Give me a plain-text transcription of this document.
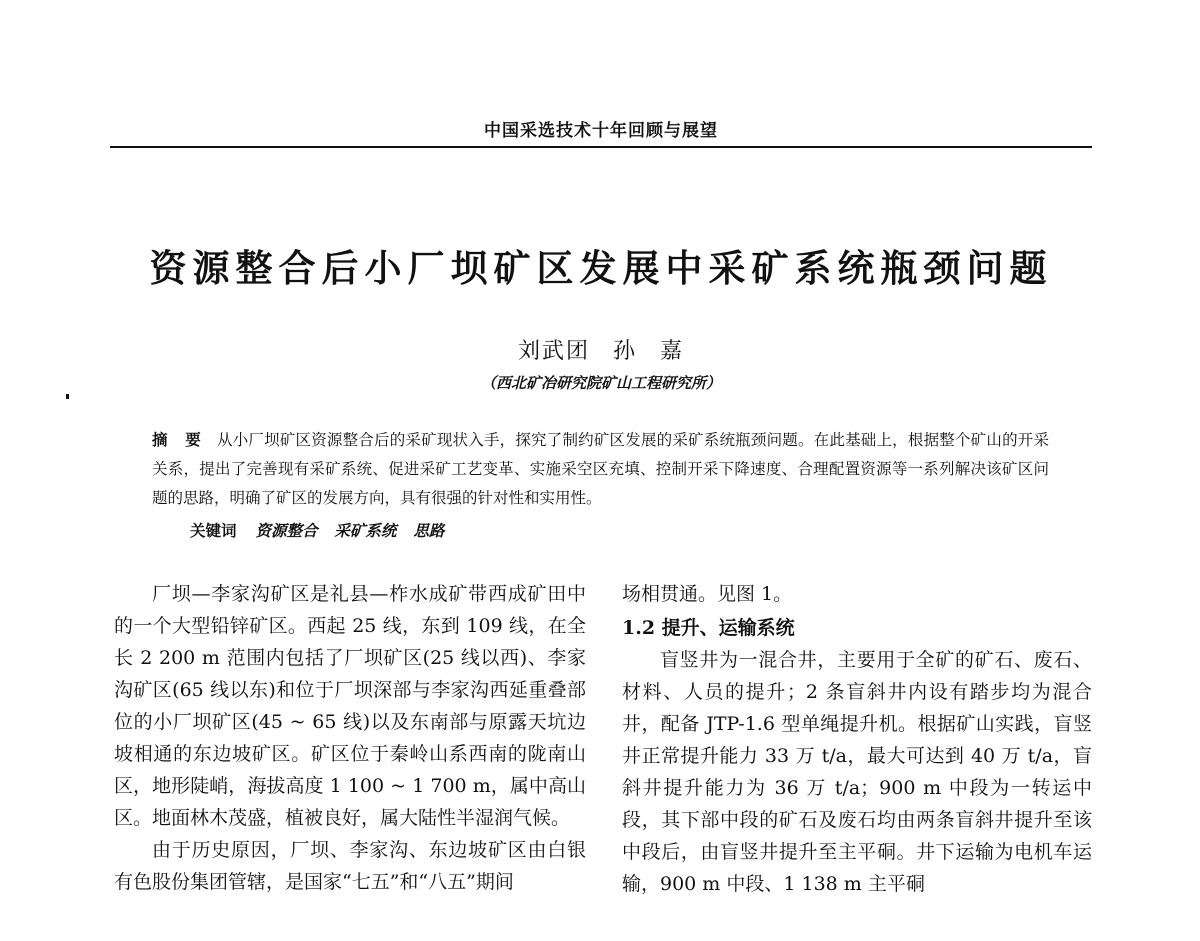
中国采选技术十年回顾与展望
资源整合后小厂坝矿区发展中采矿系统瓶颈问题
刘武团 孙 嘉
（西北矿冶研究院矿山工程研究所）
摘 要 从小厂坝矿区资源整合后的采矿现状入手，探究了制约矿区发展的采矿系统瓶颈问题。在此基础上，根据整个矿山的开采关系，提出了完善现有采矿系统、促进采矿工艺变革、实施采空区充填、控制开采下降速度、合理配置资源等一系列解决该矿区问题的思路，明确了矿区的发展方向，具有很强的针对性和实用性。
关键词 资源整合 采矿系统 思路

厂坝—李家沟矿区是礼县—柞水成矿带西成矿田中的一个大型铅锌矿区。西起 25 线，东到 109 线，在全长 2 200 m 范围内包括了厂坝矿区(25 线以西)、李家沟矿区(65 线以东)和位于厂坝深部与李家沟西延重叠部位的小厂坝矿区(45 ~ 65 线)以及东南部与原露天坑边坡相通的东边坡矿区。矿区位于秦岭山系西南的陇南山区，地形陡峭，海拔高度 1 100 ~ 1 700 m，属中高山区。地面林木茂盛，植被良好，属大陆性半湿润气候。

由于历史原因，厂坝、李家沟、东边坡矿区由白银有色股份集团管辖，是国家“七五”和“八五”期间

场相贯通。见图 1。

1.2 提升、运输系统

盲竖井为一混合井，主要用于全矿的矿石、废石、材料、人员的提升；2 条盲斜井内设有踏步均为混合井，配备 JTP-1.6 型单绳提升机。根据矿山实践，盲竖井正常提升能力 33 万 t/a，最大可达到 40 万 t/a，盲斜井提升能力为 36 万 t/a；900 m 中段为一转运中段，其下部中段的矿石及废石均由两条盲斜井提升至该中段后，由盲竖井提升至主平硐。井下运输为电机车运输，900 m 中段、1 138 m 主平硐
